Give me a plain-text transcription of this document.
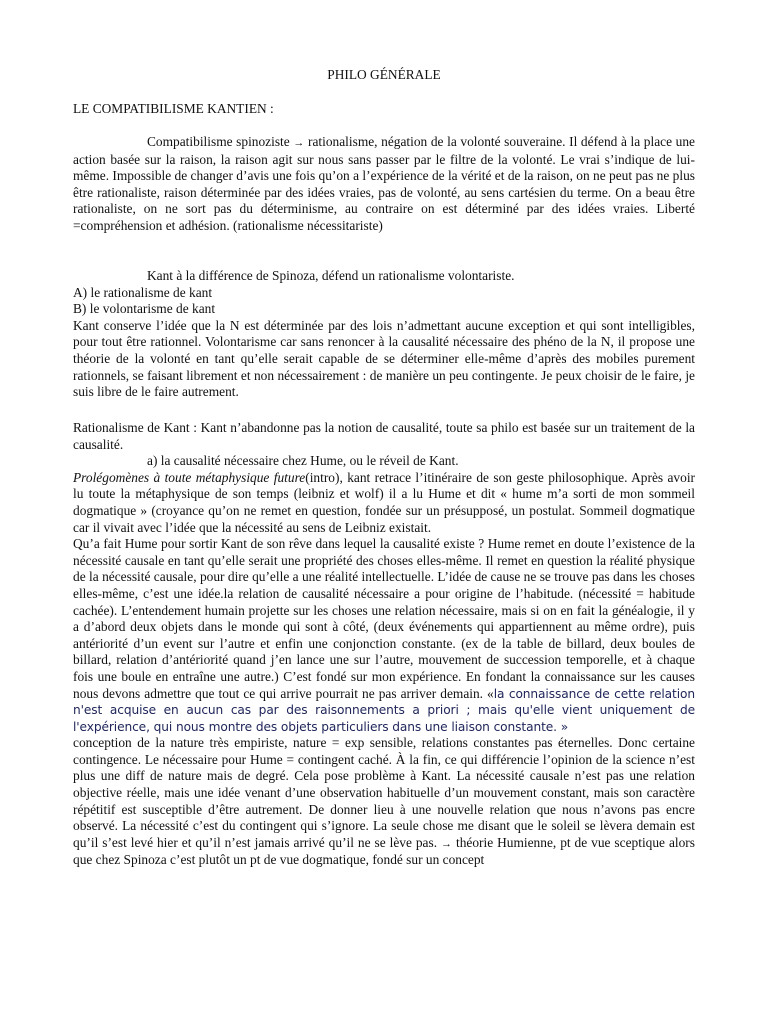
PHILO GÉNÉRALE
LE COMPATIBILISME KANTIEN :

Compatibilisme spinoziste → rationalisme, négation de la volonté souveraine. Il défend à la place une action basée sur la raison, la raison agit sur nous sans passer par le filtre de la volonté. Le vrai s’indique de lui-même. Impossible de changer d’avis une fois qu’on a l’expérience de la vérité et de la raison, on ne peut pas ne plus être rationaliste, raison déterminée par des idées vraies, pas de volonté, au sens cartésien du terme. On a beau être rationaliste, on ne sort pas du déterminisme, au contraire on est déterminé par des idées vraies. Liberté =compréhension et adhésion. (rationalisme nécessitariste)

Kant à la différence de Spinoza, défend un rationalisme volontariste.

A) le rationalisme de kant

B) le volontarisme de kant

Kant conserve l’idée que la N est déterminée par des lois n’admettant aucune exception et qui sont intelligibles, pour tout être rationnel. Volontarisme car sans renoncer à la causalité nécessaire des phéno de la N, il propose une théorie de la volonté en tant qu’elle serait capable de se déterminer elle-même d’après des mobiles purement rationnels, se faisant librement et non nécessairement : de manière un peu contingente. Je peux choisir de le faire, je suis libre de le faire autrement.

Rationalisme de Kant : Kant n’abandonne pas la notion de causalité, toute sa philo est basée sur un traitement de la causalité.

a) la causalité nécessaire chez Hume, ou le réveil de Kant.

Prolégomènes à toute métaphysique future(intro), kant retrace l’itinéraire de son geste philosophique. Après avoir lu toute la métaphysique de son temps (leibniz et wolf) il a lu Hume et dit « hume m’a sorti de mon sommeil dogmatique » (croyance qu’on ne remet en question, fondée sur un présupposé, un postulat. Sommeil dogmatique car il vivait avec l’idée que la nécessité au sens de Leibniz existait.

Qu’a fait Hume pour sortir Kant de son rêve dans lequel la causalité existe ? Hume remet en doute l’existence de la nécessité causale en tant qu’elle serait une propriété des choses elles-même. Il remet en question la réalité physique de la nécessité causale, pour dire qu’elle a une réalité intellectuelle. L’idée de cause ne se trouve pas dans les choses elles-même, c’est une idée.la relation de causalité nécessaire a pour origine de l’habitude. (nécessité = habitude cachée). L’entendement humain projette sur les choses une relation nécessaire, mais si on en fait la généalogie, il y a d’abord deux objets dans le monde qui sont à côté, (deux événements qui appartiennent au même ordre), puis antériorité d’un event sur l’autre et enfin une conjonction constante. (ex de la table de billard, deux boules de billard, relation d’antériorité quand j’en lance une sur l’autre, mouvement de succession temporelle, et à chaque fois une boule en entraîne une autre.) C’est fondé sur mon expérience. En fondant la connaissance sur les causes nous devons admettre que tout ce qui arrive pourrait ne pas arriver demain. «la connaissance de cette relation n'est acquise en aucun cas par des raisonnements a priori ; mais qu'elle vient uniquement de l'expérience, qui nous montre des objets particuliers dans une liaison constante. »

conception de la nature très empiriste, nature = exp sensible, relations constantes pas éternelles. Donc certaine contingence. Le nécessaire pour Hume = contingent caché. À la fin, ce qui différencie l’opinion de la science n’est plus une diff de nature mais de degré. Cela pose problème à Kant. La nécessité causale n’est pas une relation objective réelle, mais une idée venant d’une observation habituelle d’un mouvement constant, mais son caractère répétitif est susceptible d’être autrement. De donner lieu à une nouvelle relation que nous n’avons pas encre observé. La nécessité c’est du contingent qui s’ignore. La seule chose me disant que le soleil se lèvera demain est qu’il s’est levé hier et qu’il n’est jamais arrivé qu’il ne se lève pas. → théorie Humienne, pt de vue sceptique alors que chez Spinoza c’est plutôt un pt de vue dogmatique, fondé sur un concept
